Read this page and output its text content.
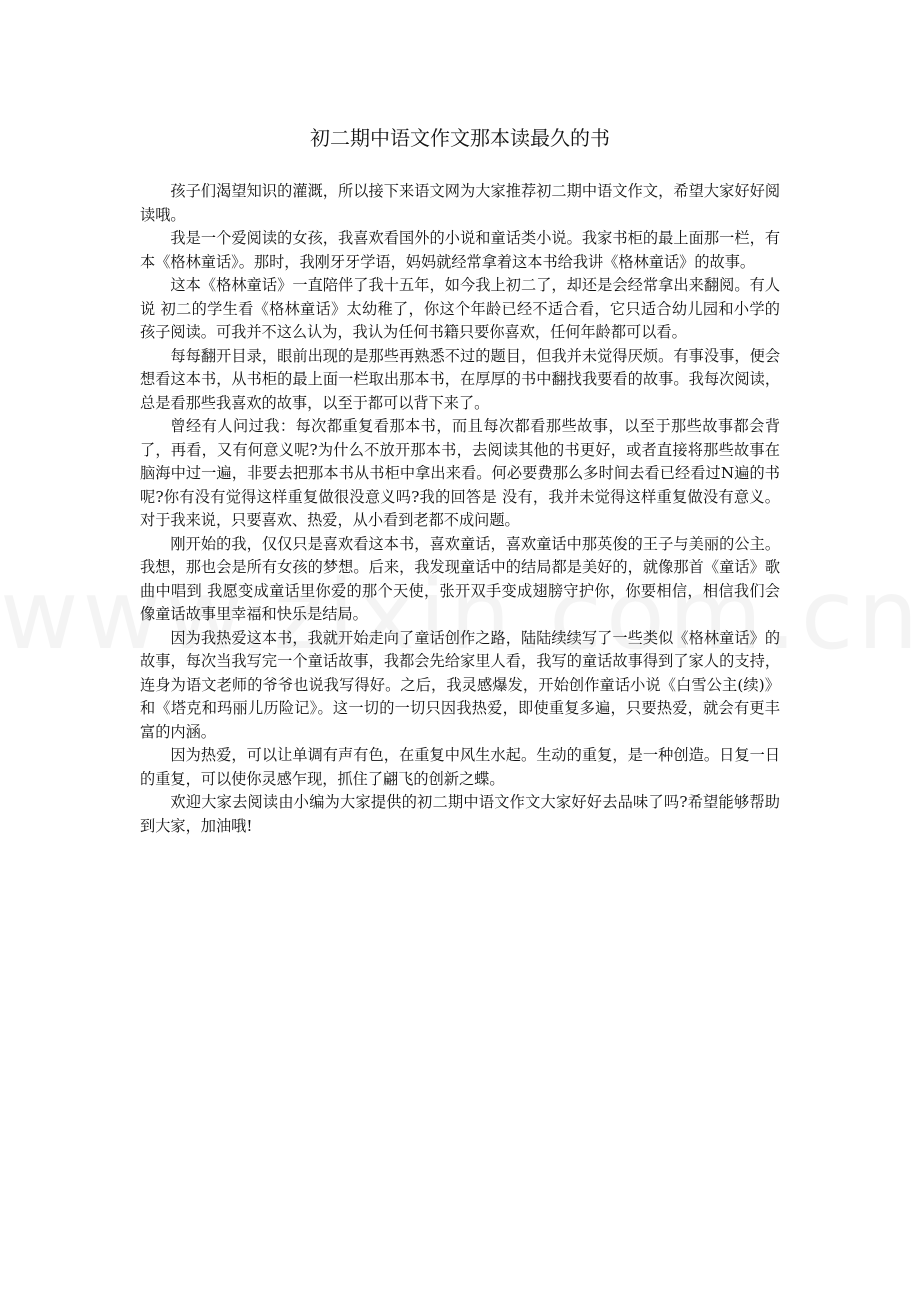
初二期中语文作文那本读最久的书

孩子们渴望知识的灌溉，所以接下来语文网为大家推荐初二期中语文作文，希望大家好好阅读哦。

我是一个爱阅读的女孩，我喜欢看国外的小说和童话类小说。我家书柜的最上面那一栏，有本《格林童话》。那时，我刚牙牙学语，妈妈就经常拿着这本书给我讲《格林童话》的故事。

这本《格林童话》一直陪伴了我十五年，如今我上初二了，却还是会经常拿出来翻阅。有人说 初二的学生看《格林童话》太幼稚了，你这个年龄已经不适合看，它只适合幼儿园和小学的孩子阅读。可我并不这么认为，我认为任何书籍只要你喜欢，任何年龄都可以看。

每每翻开目录，眼前出现的是那些再熟悉不过的题目，但我并未觉得厌烦。有事没事，便会想看这本书，从书柜的最上面一栏取出那本书，在厚厚的书中翻找我要看的故事。我每次阅读，总是看那些我喜欢的故事，以至于都可以背下来了。

曾经有人问过我：每次都重复看那本书，而且每次都看那些故事，以至于那些故事都会背了，再看，又有何意义呢?为什么不放开那本书，去阅读其他的书更好，或者直接将那些故事在脑海中过一遍，非要去把那本书从书柜中拿出来看。何必要费那么多时间去看已经看过N遍的书呢?你有没有觉得这样重复做很没意义吗?我的回答是 没有，我并未觉得这样重复做没有意义。对于我来说，只要喜欢、热爱，从小看到老都不成问题。

刚开始的我，仅仅只是喜欢看这本书，喜欢童话，喜欢童话中那英俊的王子与美丽的公主。我想，那也会是所有女孩的梦想。后来，我发现童话中的结局都是美好的，就像那首《童话》歌曲中唱到 我愿变成童话里你爱的那个天使，张开双手变成翅膀守护你，你要相信，相信我们会像童话故事里幸福和快乐是结局。

因为我热爱这本书，我就开始走向了童话创作之路，陆陆续续写了一些类似《格林童话》的故事，每次当我写完一个童话故事，我都会先给家里人看，我写的童话故事得到了家人的支持，连身为语文老师的爷爷也说我写得好。之后，我灵感爆发，开始创作童话小说《白雪公主(续)》和《塔克和玛丽儿历险记》。这一切的一切只因我热爱，即使重复多遍，只要热爱，就会有更丰富的内涵。

因为热爱，可以让单调有声有色，在重复中风生水起。生动的重复，是一种创造。日复一日的重复，可以使你灵感乍现，抓住了翩飞的创新之蝶。

欢迎大家去阅读由小编为大家提供的初二期中语文作文大家好好去品味了吗?希望能够帮助到大家，加油哦!
